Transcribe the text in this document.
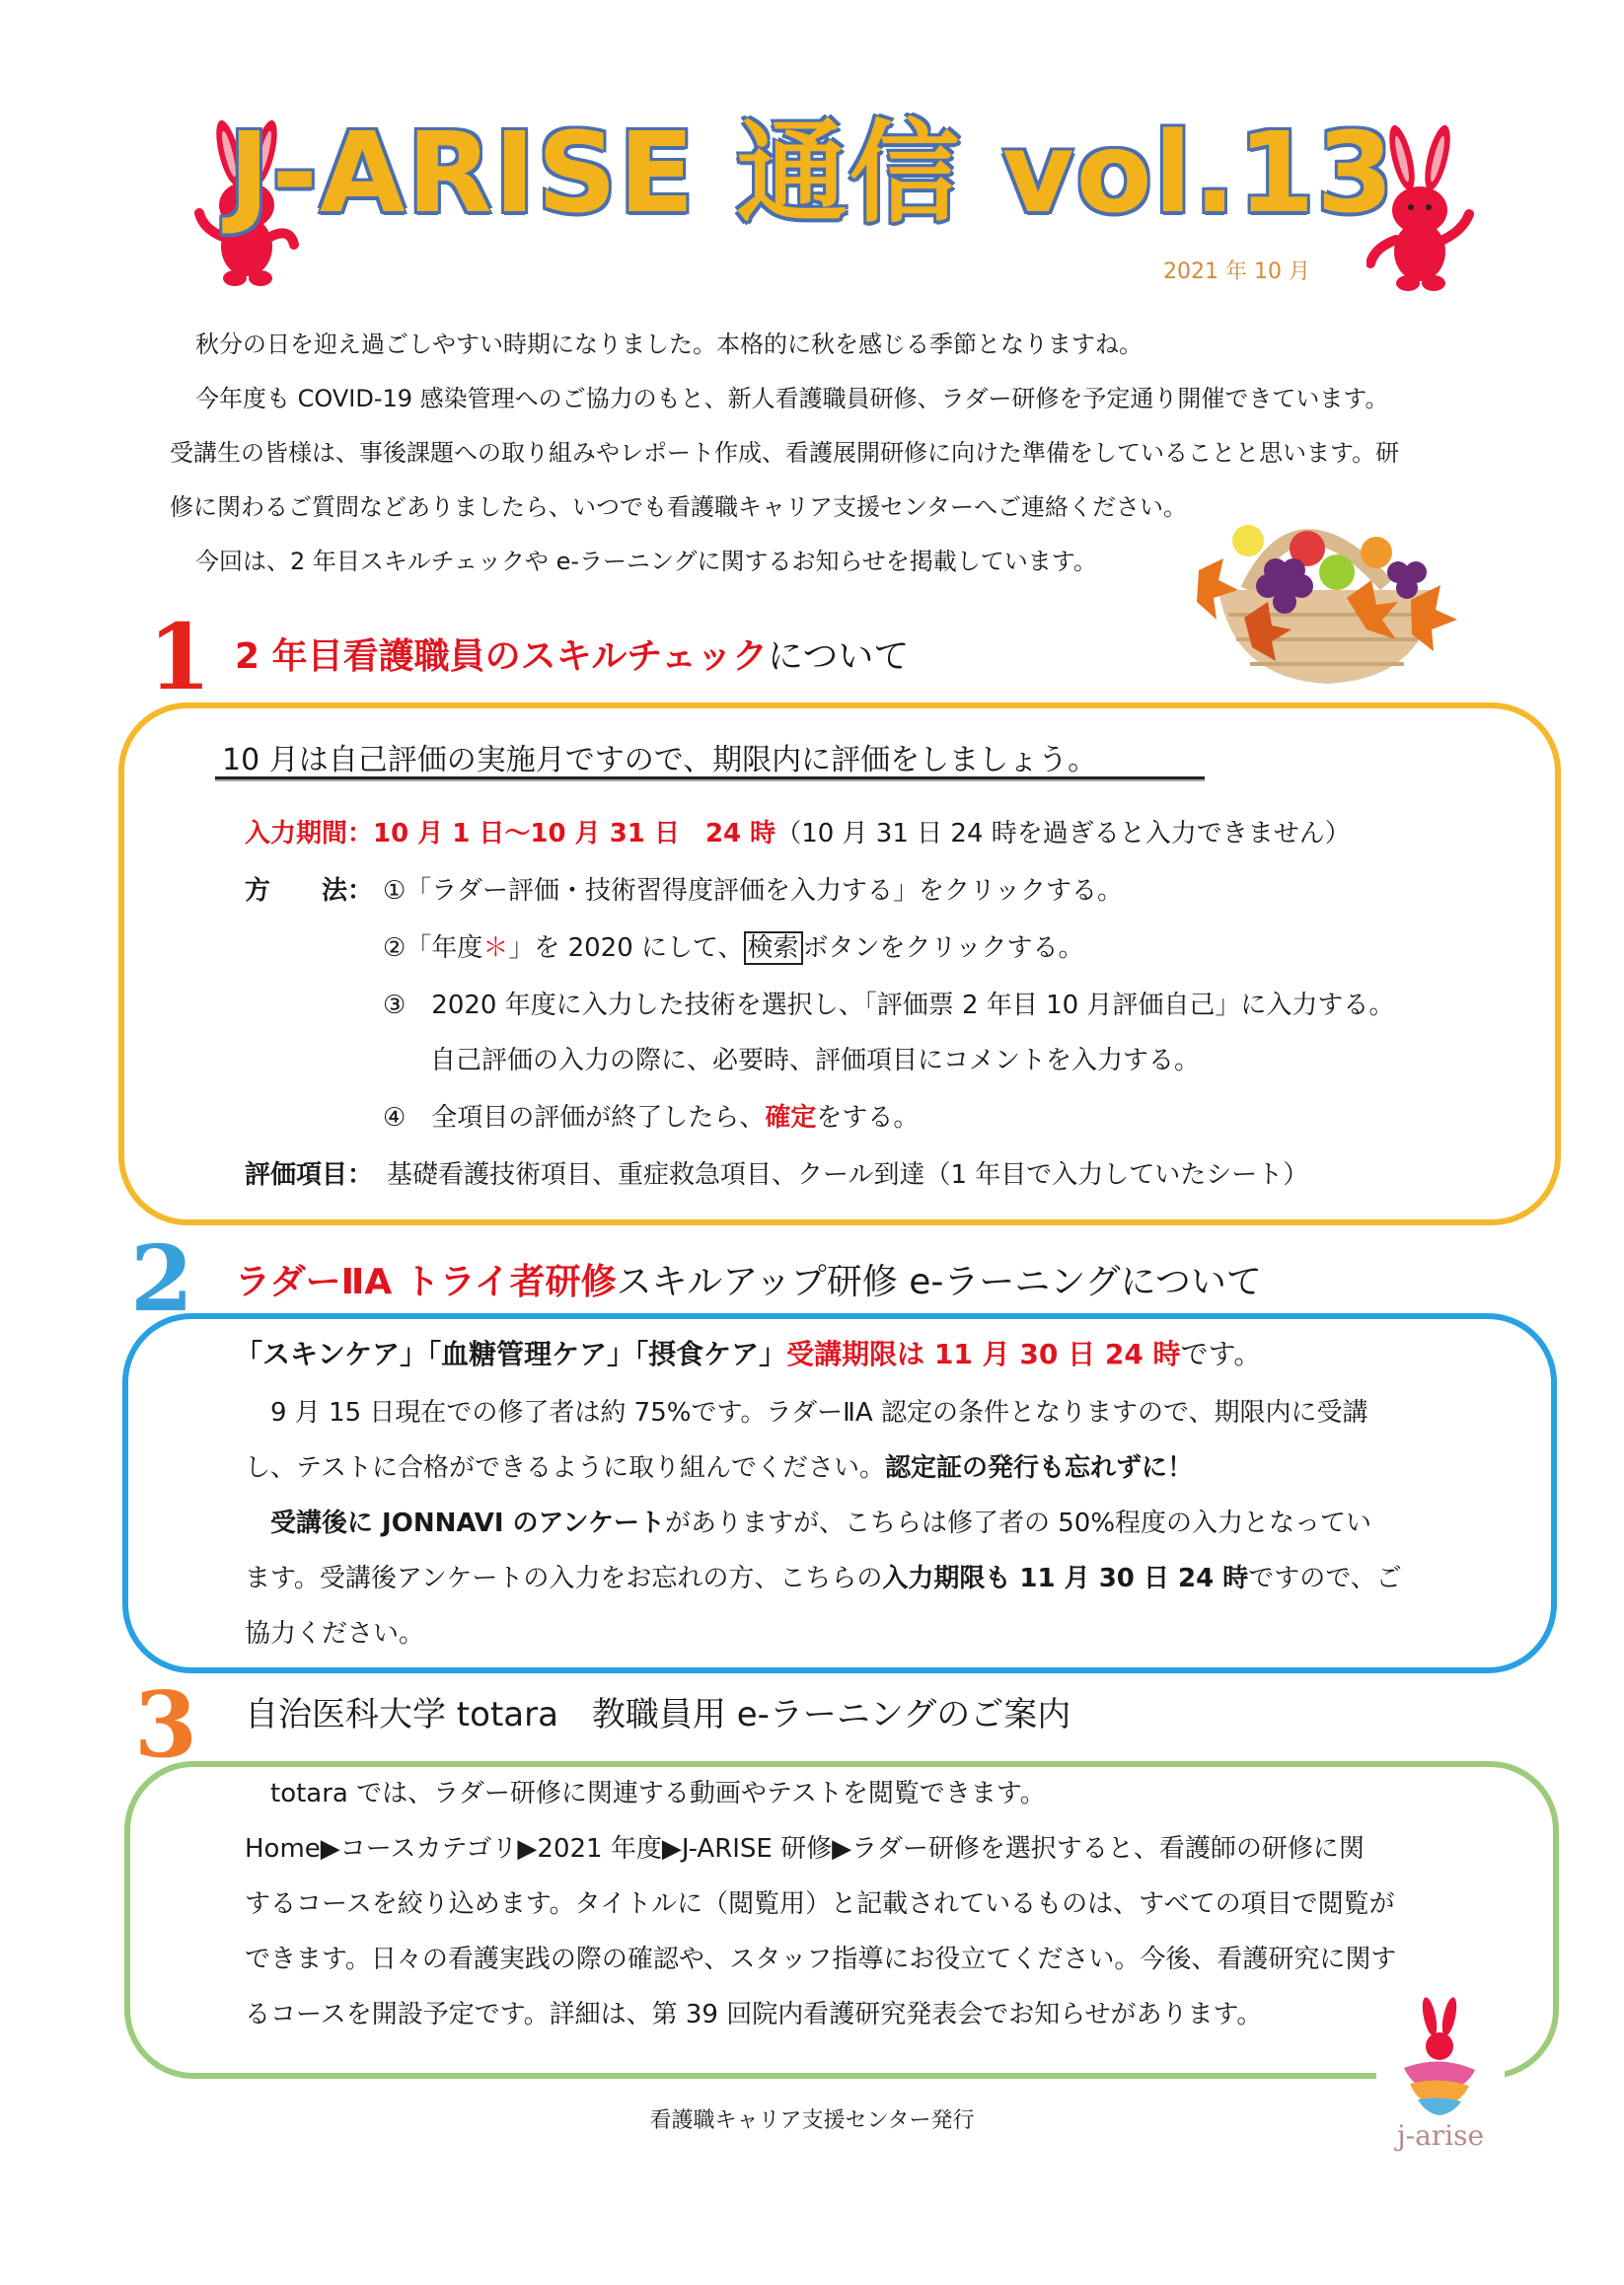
J-ARISE 通信 vol.13
2021 年 10 月

秋分の日を迎え過ごしやすい時期になりました。本格的に秋を感じる季節となりますね。

今年度も COVID-19 感染管理へのご協力のもと、新人看護職員研修、ラダー研修を予定通り開催できています。

受講生の皆様は、事後課題への取り組みやレポート作成、看護展開研修に向けた準備をしていることと思います。研

修に関わるご質問などありましたら、いつでも看護職キャリア支援センターへご連絡ください。

今回は、2 年目スキルチェックや e-ラーニングに関するお知らせを掲載しています。

1 2 年目看護職員のスキルチェックについて
10 月は自己評価の実施月ですので、期限内に評価をしましょう。
入力期間：10 月 1 日～10 月 31 日　24 時（10 月 31 日 24 時を過ぎると入力できません）
方　　法： ①「ラダー評価・技術習得度評価を入力する」をクリックする。
②「年度＊」を 2020 にして、 検索 ボタンをクリックする。
③　2020 年度に入力した技術を選択し、「評価票 2 年目 10 月評価自己」に入力する。
自己評価の入力の際に、必要時、評価項目にコメントを入力する。
④　全項目の評価が終了したら、確定をする。
評価項目： 基礎看護技術項目、重症救急項目、クール到達（1 年目で入力していたシート）
2 ラダーⅡA トライ者研修スキルアップ研修 e-ラーニングについて
「スキンケア」「血糖管理ケア」「摂食ケア」受講期限は 11 月 30 日 24 時です。

9 月 15 日現在での修了者は約 75%です。ラダーⅡA 認定の条件となりますので、期限内に受講

し、テストに合格ができるように取り組んでください。認定証の発行も忘れずに！

受講後に JONNAVI のアンケートがありますが、こちらは修了者の 50%程度の入力となってい

ます。受講後アンケートの入力をお忘れの方、こちらの入力期限も 11 月 30 日 24 時ですので、ご

協力ください。

3 自治医科大学 totara　教職員用 e-ラーニングのご案内

totara では、ラダー研修に関連する動画やテストを閲覧できます。

Home▶コースカテゴリ▶2021 年度▶J-ARISE 研修▶ラダー研修を選択すると、看護師の研修に関

するコースを絞り込めます。タイトルに（閲覧用）と記載されているものは、すべての項目で閲覧が

できます。日々の看護実践の際の確認や、スタッフ指導にお役立てください。今後、看護研究に関す

るコースを開設予定です。詳細は、第 39 回院内看護研究発表会でお知らせがあります。

看護職キャリア支援センター発行	j-arise
